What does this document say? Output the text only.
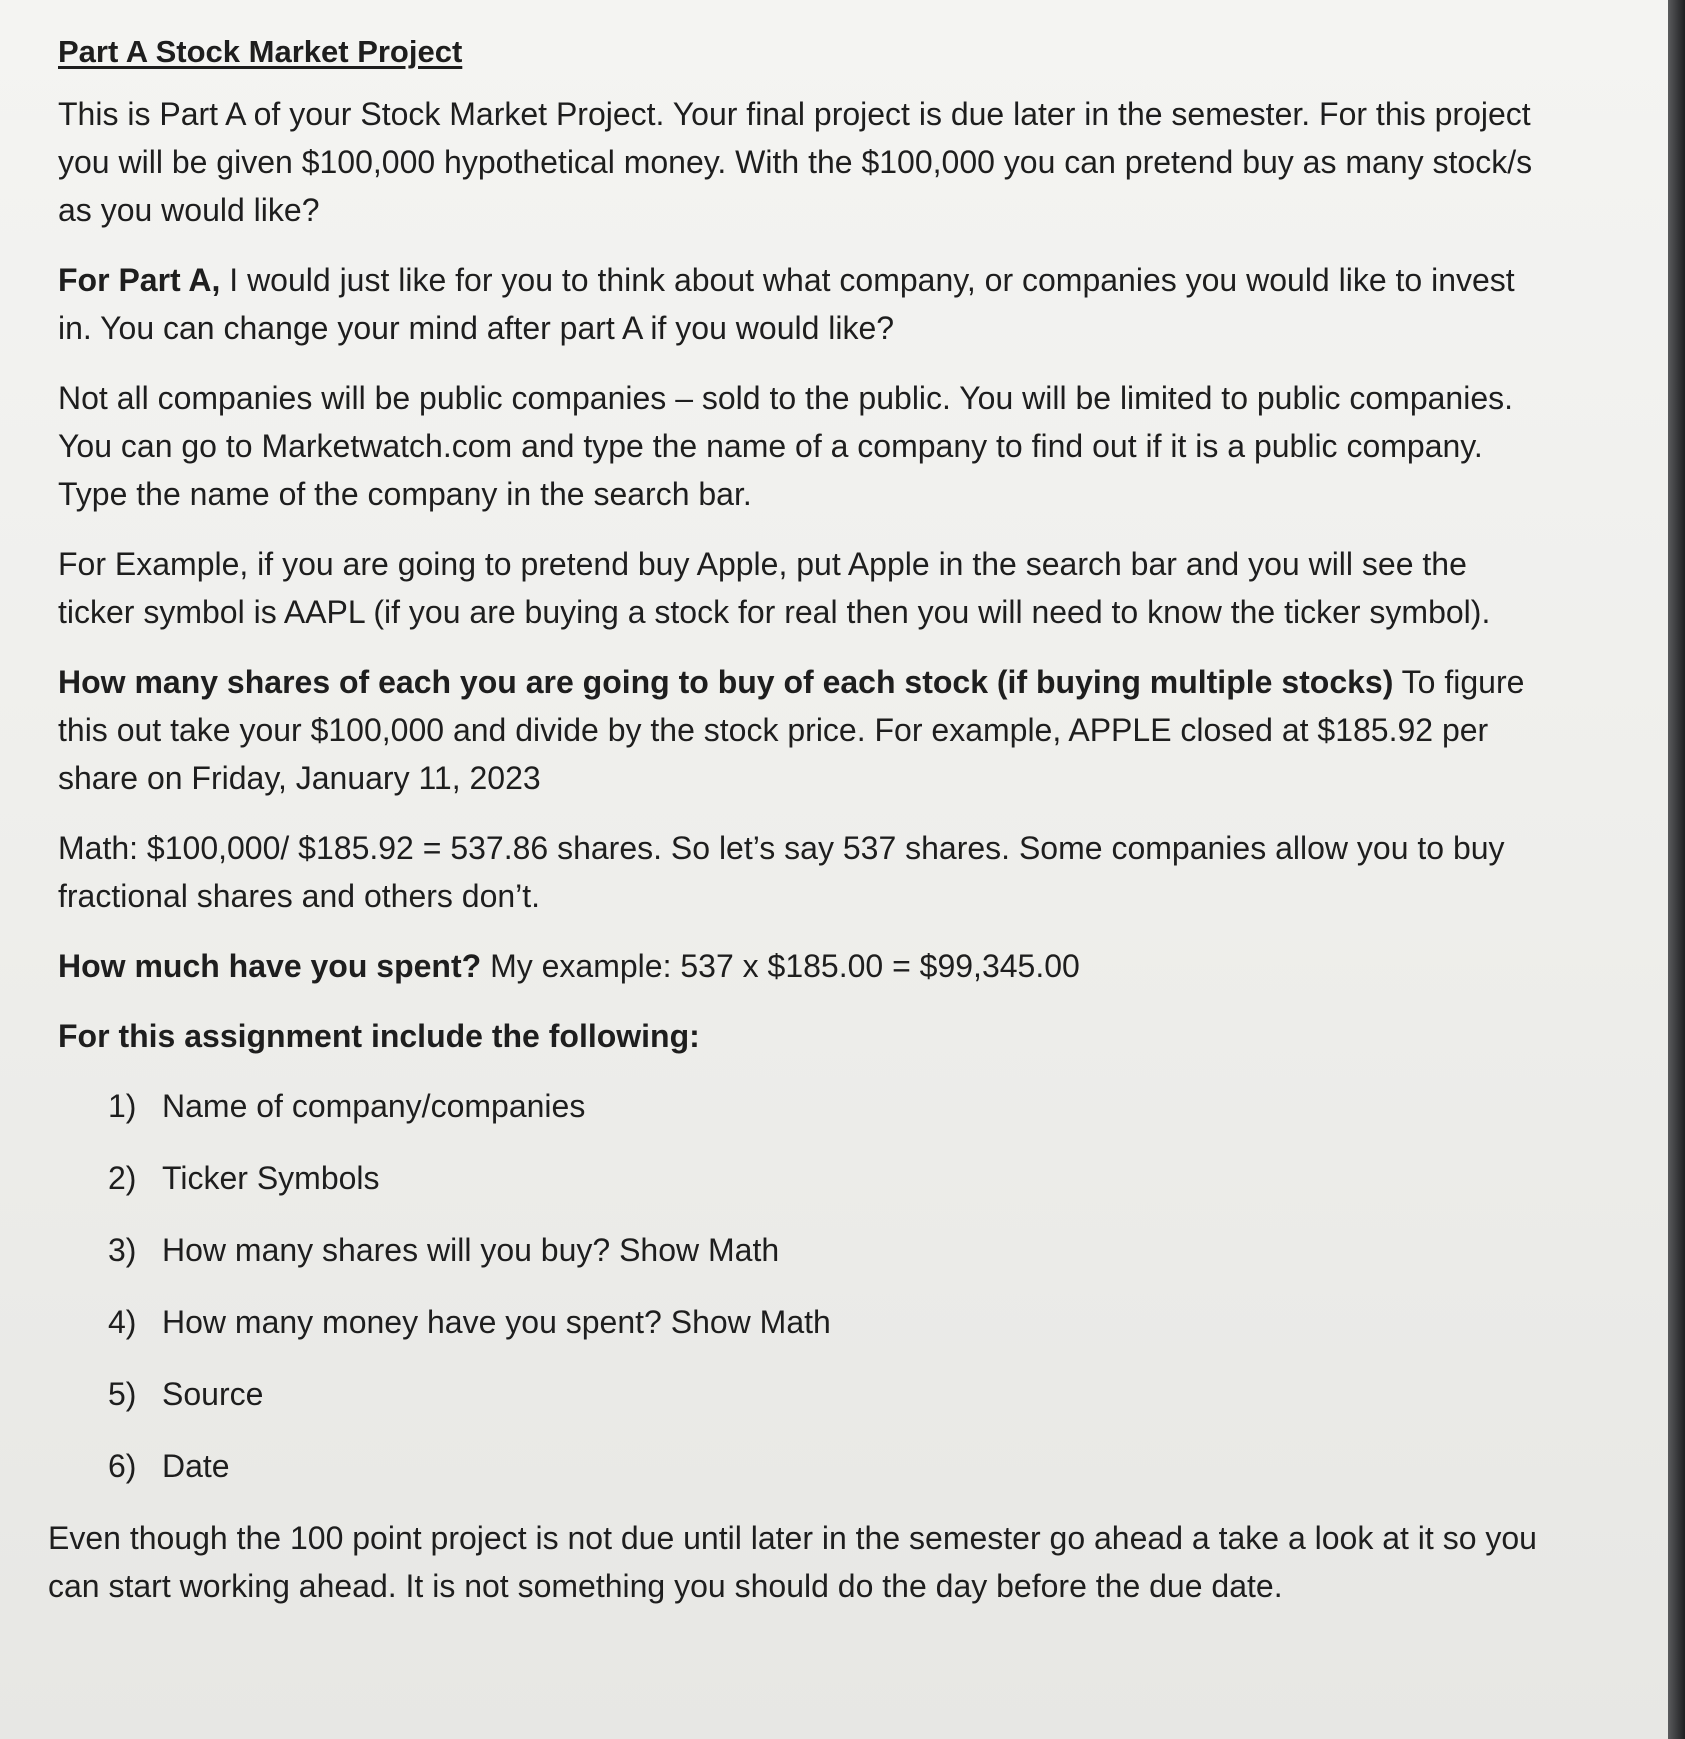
Part A Stock Market Project

This is Part A of your Stock Market Project. Your final project is due later in the semester. For this project you will be given $100,000 hypothetical money. With the $100,000 you can pretend buy as many stock/s as you would like?

For Part A, I would just like for you to think about what company, or companies you would like to invest in. You can change your mind after part A if you would like?

Not all companies will be public companies – sold to the public. You will be limited to public companies. You can go to Marketwatch.com and type the name of a company to find out if it is a public company. Type the name of the company in the search bar.

For Example, if you are going to pretend buy Apple, put Apple in the search bar and you will see the ticker symbol is AAPL (if you are buying a stock for real then you will need to know the ticker symbol).

How many shares of each you are going to buy of each stock (if buying multiple stocks) To figure this out take your $100,000 and divide by the stock price. For example, APPLE closed at $185.92 per share on Friday, January 11, 2023

Math: $100,000/ $185.92 = 537.86 shares. So let’s say 537 shares. Some companies allow you to buy fractional shares and others don’t.

How much have you spent? My example: 537 x $185.00 = $99,345.00

For this assignment include the following:

1) Name of company/companies
2) Ticker Symbols
3) How many shares will you buy? Show Math
4) How many money have you spent? Show Math
5) Source
6) Date

Even though the 100 point project is not due until later in the semester go ahead a take a look at it so you can start working ahead. It is not something you should do the day before the due date.
